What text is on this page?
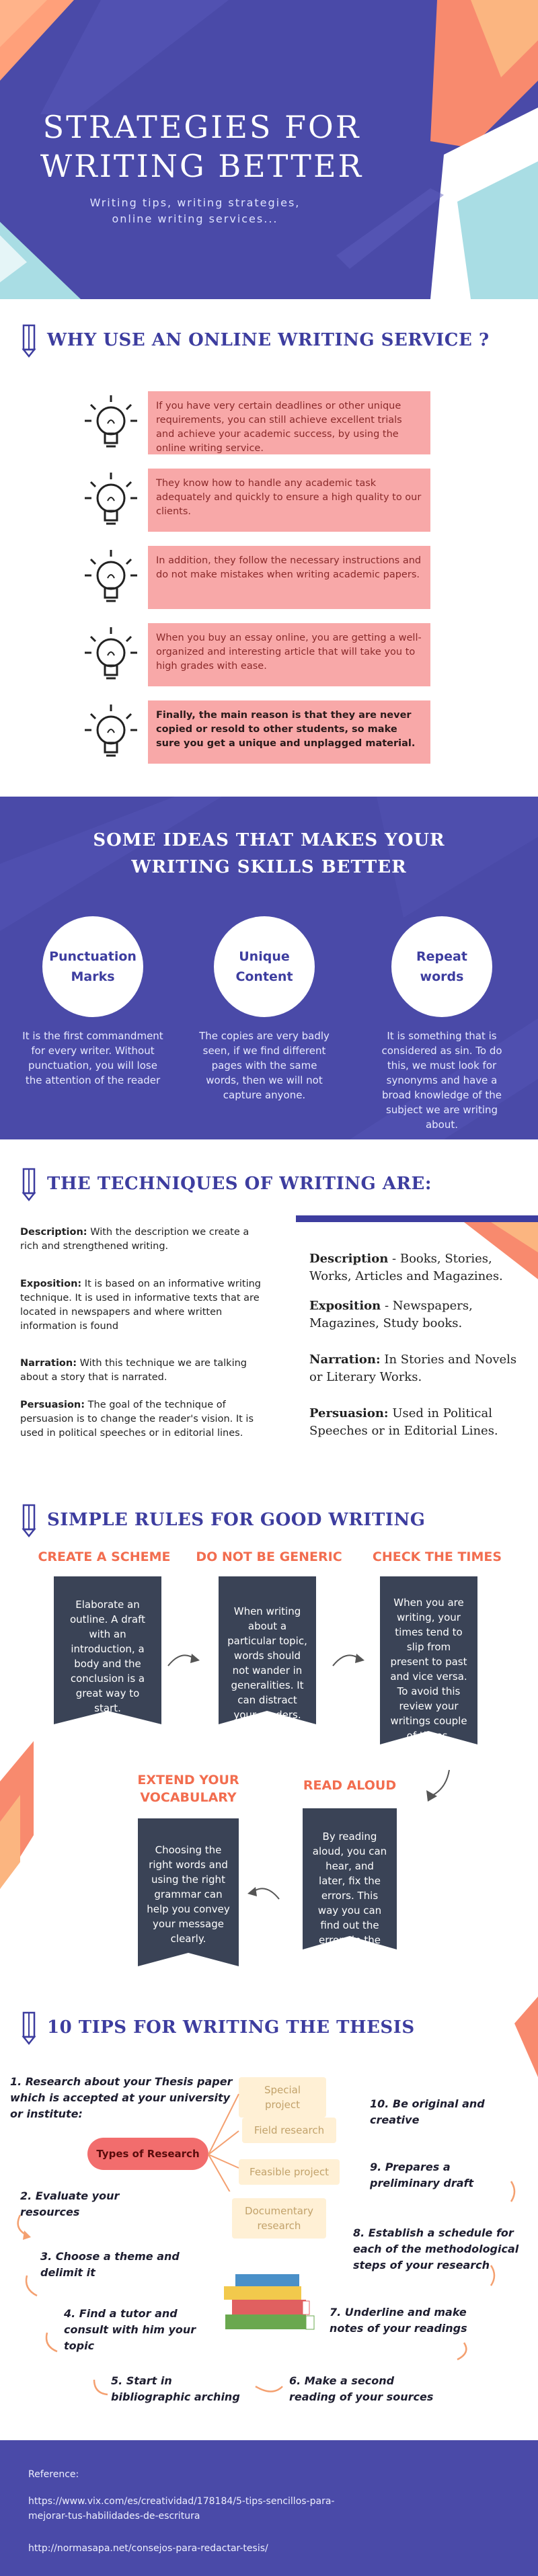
STRATEGIES FOR
WRITING BETTER
Writing tips, writing strategies,
online writing services...
WHY USE AN ONLINE WRITING SERVICE ?
If you have very certain deadlines or other unique requirements, you can still achieve excellent trials and achieve your academic success, by using the online writing service.
They know how to handle any academic task adequately and quickly to ensure a high quality to our clients.
In addition, they follow the necessary instructions and do not make mistakes when writing academic papers.
When you buy an essay online, you are getting a well-organized and interesting article that will take you to high grades with ease.
Finally, the main reason is that they are never copied or resold to other students, so make sure you get a unique and unplagged material.
SOME IDEAS THAT MAKES YOUR
WRITING SKILLS BETTER
Punctuation
Marks
It is the first commandment for every writer. Without punctuation, you will lose the attention of the reader
Unique
Content
The copies are very badly seen, if we find different pages with the same words, then we will not capture anyone.
Repeat
words
It is something that is considered as sin. To do this, we must look for synonyms and have a broad knowledge of the subject we are writing about.
THE TECHNIQUES OF WRITING ARE:

Description: With the description we create a rich and strengthened writing.

Exposition: It is based on an informative writing technique. It is used in informative texts that are located in newspapers and where written information is found

Narration: With this technique we are talking about a story that is narrated.

Persuasion: The goal of the technique of persuasion is to change the reader's vision. It is used in political speeches or in editorial lines.

Description - Books, Stories, Works, Articles and Magazines.

Exposition - Newspapers, Magazines, Study books.

Narration: In Stories and Novels or Literary Works.

Persuasion: Used in Political Speeches or in Editorial Lines.

SIMPLE RULES FOR GOOD WRITING
CREATE A SCHEME	DO NOT BE GENERIC	CHECK THE TIMES
Elaborate an outline. A draft with an introduction, a body and the conclusion is a great way to start.
When writing about a particular topic, words should not wander in generalities. It can distract your readers.
When you are writing, your times tend to slip from present to past and vice versa. To avoid this review your writings couple of times.
EXTEND YOUR
VOCABULARY
READ ALOUD
Choosing the right words and using the right grammar can help you convey your message clearly.
By reading aloud, you can hear, and later, fix the errors. This way you can find out the errors in the sentences.
10 TIPS FOR WRITING THE THESIS
1. Research about your Thesis paper which is accepted at your university or institute:
Types of Research
Special project
Field research
Feasible project
Documentary research
2. Evaluate your resources
3. Choose a theme and delimit it
4. Find a tutor and consult with him your topic
5. Start in bibliographic arching
6. Make a second reading of your sources
7. Underline and make notes of your readings
8. Establish a schedule for each of the methodological steps of your research
9. Prepares a preliminary draft
10. Be original and creative
Reference:
https://www.vix.com/es/creatividad/178184/5-tips-sencillos-para-
mejorar-tus-habilidades-de-escritura
http://normasapa.net/consejos-para-redactar-tesis/
